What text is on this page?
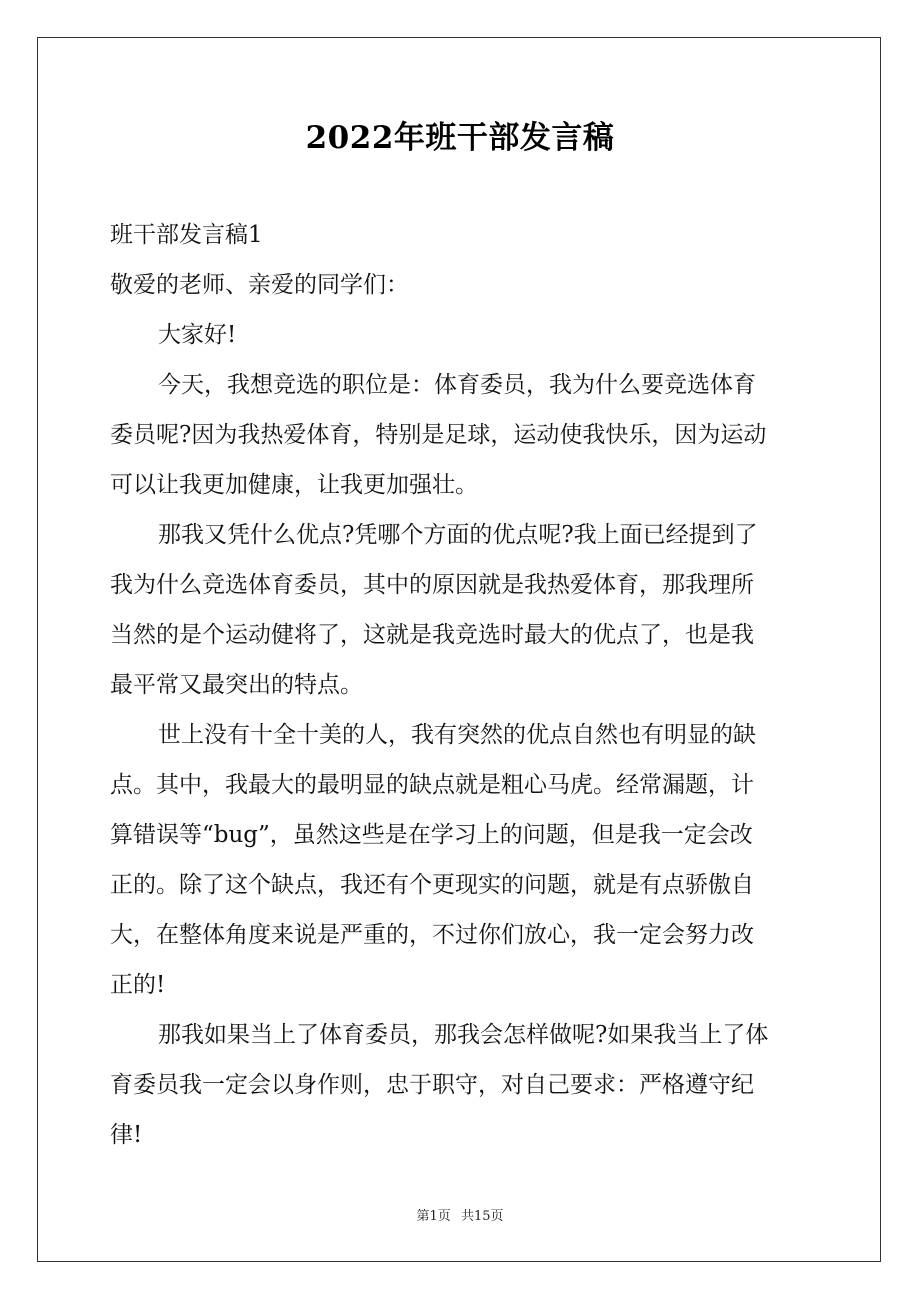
2022年班干部发言稿
班干部发言稿1
敬爱的老师、亲爱的同学们：
大家好!
今天，我想竞选的职位是：体育委员，我为什么要竞选体育
委员呢?因为我热爱体育，特别是足球，运动使我快乐，因为运动
可以让我更加健康，让我更加强壮。
那我又凭什么优点?凭哪个方面的优点呢?我上面已经提到了
我为什么竞选体育委员，其中的原因就是我热爱体育，那我理所
当然的是个运动健将了，这就是我竞选时最大的优点了，也是我
最平常又最突出的特点。
世上没有十全十美的人，我有突然的优点自然也有明显的缺
点。其中，我最大的最明显的缺点就是粗心马虎。经常漏题，计
算错误等“bug”，虽然这些是在学习上的问题，但是我一定会改
正的。除了这个缺点，我还有个更现实的问题，就是有点骄傲自
大，在整体角度来说是严重的，不过你们放心，我一定会努力改
正的!
那我如果当上了体育委员，那我会怎样做呢?如果我当上了体
育委员我一定会以身作则，忠于职守，对自己要求：严格遵守纪
律!
第1页 共15页
